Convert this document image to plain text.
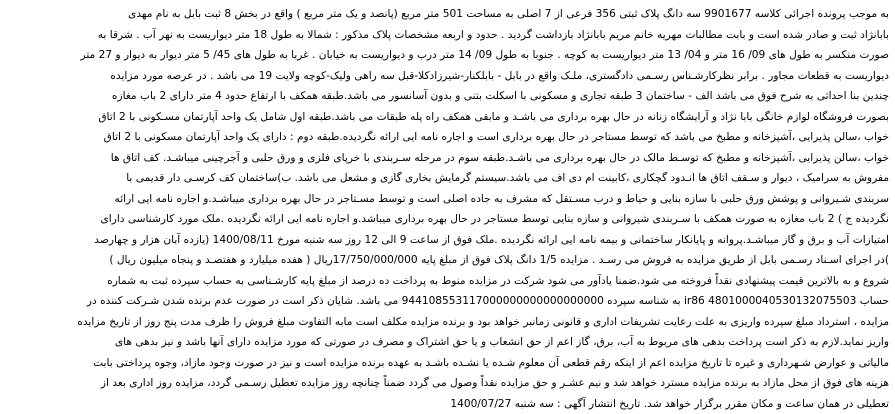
به موجب پرونده اجرائی کلاسه 9901677 سه دانگ پلاک ثبتی 356 فرعی از 7 اصلی به مساحت 501 متر مربع (پانصد و یک متر مربع ) واقع در بخش 8 ثبت بابل به نام مهدی
بابانژاد ثبت و صادر شده است و بابت مطالبات مهریه خانم مریم بابانژاد بازداشت گردید . حدود و اربعه مشخصات پلاک مذکور : شمالا به طول 18 متر دیواریست به نهر آب . شرقا به
صورت منکسر به طول های 09/ 16 متر و 04/ 13 متر دیواریست به کوچه . جنوبا به طول 09/ 14 متر درب و دیواریست به خیابان . غربا به طول های 45/ 5 متر دیوار به دیوار و 27 متر
دیواریست به قطعات مجاور . برابر نظرکارشـناس رسـمی دادگستری، ملـک واقع در بابل - بابلکنار-شیرزادکلا-قبل سه راهی ولیک-کوچه ولایت 19 می باشد . در عرصه مورد مزایده
چندین بنا احداثی به شرح فوق می باشد الف - ساختمان 3 طبقه تجاری و مسکونی با اسکلت بتنی و بدون آسانسور می باشد.طبقه همکف با ارتفاع حدود 4 متر دارای 2 باب مغازه
بصورت فروشگاه لوازم خانگی بابا نژاد و آرایشگاه زنانه در حال بهره برداری می باشـد و مابقی همکف راه پله طبقات می باشد.طبقه اول شامل یک واحد آپارتمان مسـکونی با 2 اتاق
خواب ،سالن پذیرایی ،آشپزخانه و مطبخ می باشد که توسط مستاجر در حال بهره برداری است و اجاره نامه ایی ارائه نگردیده.طبقه دوم : دارای یک واحد آپارتمان مسکونی با 2 اتاق
خواب ،سالن پذیرایی ،آشپزخانه و مطبخ که توسـط مالک در حال بهره برداری می باشـد.طبقه سوم در مرحله سـربندی با خرپای فلزی و ورق حلبی و آجرچینی میباشـد. کف اتاق ها
مفروش به سرامیک ، دیوار و سـقف اتاق ها انـدود گچکاری ،کابینت ام دی اف می باشد.سیستم گرمایش بخاری گازی و مشعل می باشد. ب)ساختمان کف کرسـی دار قدیمی با
سربندی شـیروانی و پوشش ورق حلبی با سازه بنایی و حیاط و درب مسـتقل که مشرف به جاده اصلی است و توسط مسـتاجر در حال بهره برداری میباشـد.و اجاره نامه ایی ارائه
نگردیده ج ) 2 باب مغازه به صورت همکف با سـربندی شیروانی و سازه بنایی توسط مستاجر در حال بهره برداری میباشد.و اجاره نامه ایی ارائه نگردیده .ملک مورد کارشناسی دارای
امتیازات آب و برق و گاز میباشـد.پروانه و پایانکار ساختمانی و بیمه نامه ایی ارائه نگردیده .ملک فوق از ساعت 9 الی 12 روز سه شنبه مورخ 1400/08/11 (یازده آبان هزار و چهارصد
)در اجرای اسـناد رسـمی بابل از طریق مزایده به فروش می رسـد . مزایده 1/5 دانگ پلاک فوق از مبلغ پایه 17/750/000/000ریال ( هفده میلیارد و هفتصـد و پنجاه میلیون ریال )
شروع و به بالاترین قیمت پیشنهادی نقداً فروخته می شود.ضمنا یادآور می شود شرکت در مزایده منوط به پرداخت ده درصد از مبلغ پایه کارشـناسی به حساب سپرده ثبت به شماره
حساب 4801000040530132075503 ir86 به شناسه سپرده 944108553117000000000000000000 می باشد. شایان ذکر است در صورت عدم برنده شدن شـرکت کننده در
مزایده ، استرداد مبلغ سپرده واریزی به علت رعایت تشریفات اداری و قانونی زمانبر خواهد بود و برنده مزایده مکلف است مابه التفاوت مبلغ فروش را ظرف مدت پنج روز از تاریخ مزایده
واریز نماید.لازم به ذکر است پرداخت بدهی های مربوط به آب، برق، گاز اعم از حق انشعاب و یا حق اشتراک و مصرف در صورتی که مورد مزایده دارای آنها باشد و نیز بدهی های
مالیاتی و عوارض شـهرداری و غیره تا تاریخ مزایده اعم از اینکه رقم قطعی آن معلوم شـده یا نشـده باشـد به عهده برنده مزایده است و نیز در صورت وجود مازاد، وجوه پرداختی بابت
هزینه های فوق از محل مازاد به برنده مزایده مسترد خواهد شد و نیم عشـر و حق مزایده نقداً وصول می گردد ضمناً چنانچه روز مزایده تعطیل رسـمی گردد، مزایده روز اداری بعد از
تعطیلی در همان ساعت و مکان مقرر برگزار خواهد شد. تاریخ انتشار آگهی : سه شنبه 1400/07/27
